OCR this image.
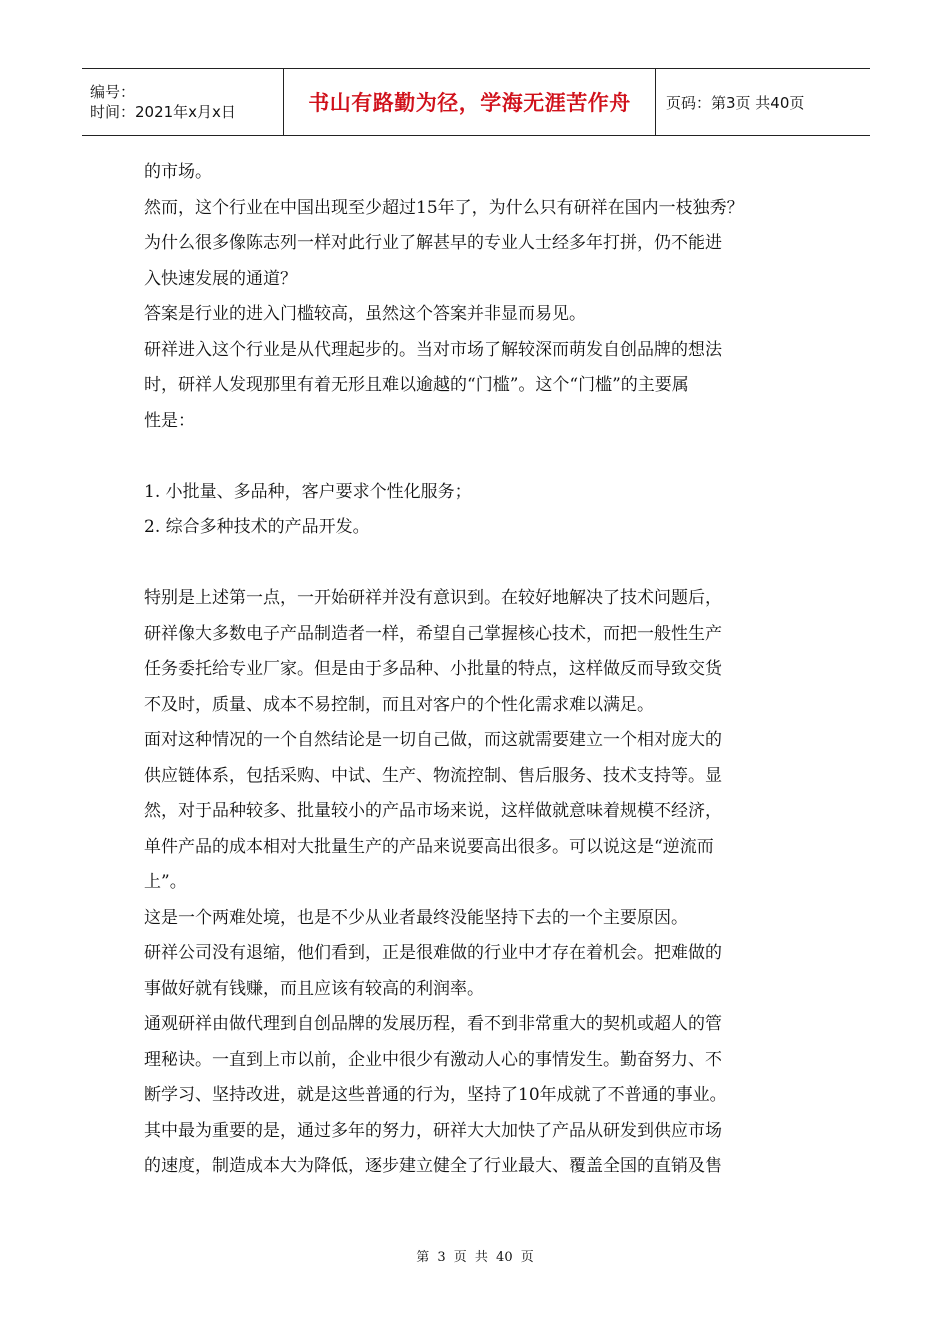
编号：
时间：2021年x月x日	书山有路勤为径，学海无涯苦作舟	页码：第3页 共40页

的市场。

然而，这个行业在中国出现至少超过15年了，为什么只有研祥在国内一枝独秀？

为什么很多像陈志列一样对此行业了解甚早的专业人士经多年打拼，仍不能进

入快速发展的通道？

答案是行业的进入门槛较高，虽然这个答案并非显而易见。

研祥进入这个行业是从代理起步的。当对市场了解较深而萌发自创品牌的想法

时，研祥人发现那里有着无形且难以逾越的“门槛”。这个“门槛”的主要属

性是：

1. 小批量、多品种，客户要求个性化服务；

2. 综合多种技术的产品开发。

特别是上述第一点，一开始研祥并没有意识到。在较好地解决了技术问题后，

研祥像大多数电子产品制造者一样，希望自己掌握核心技术，而把一般性生产

任务委托给专业厂家。但是由于多品种、小批量的特点，这样做反而导致交货

不及时，质量、成本不易控制，而且对客户的个性化需求难以满足。

面对这种情况的一个自然结论是一切自己做，而这就需要建立一个相对庞大的

供应链体系，包括采购、中试、生产、物流控制、售后服务、技术支持等。显

然，对于品种较多、批量较小的产品市场来说，这样做就意味着规模不经济，

单件产品的成本相对大批量生产的产品来说要高出很多。可以说这是“逆流而

上”。

这是一个两难处境，也是不少从业者最终没能坚持下去的一个主要原因。

研祥公司没有退缩，他们看到，正是很难做的行业中才存在着机会。把难做的

事做好就有钱赚，而且应该有较高的利润率。

通观研祥由做代理到自创品牌的发展历程，看不到非常重大的契机或超人的管

理秘诀。一直到上市以前，企业中很少有激动人心的事情发生。勤奋努力、不

断学习、坚持改进，就是这些普通的行为，坚持了10年成就了不普通的事业。

其中最为重要的是，通过多年的努力，研祥大大加快了产品从研发到供应市场

的速度，制造成本大为降低，逐步建立健全了行业最大、覆盖全国的直销及售

第 3 页 共 40 页
